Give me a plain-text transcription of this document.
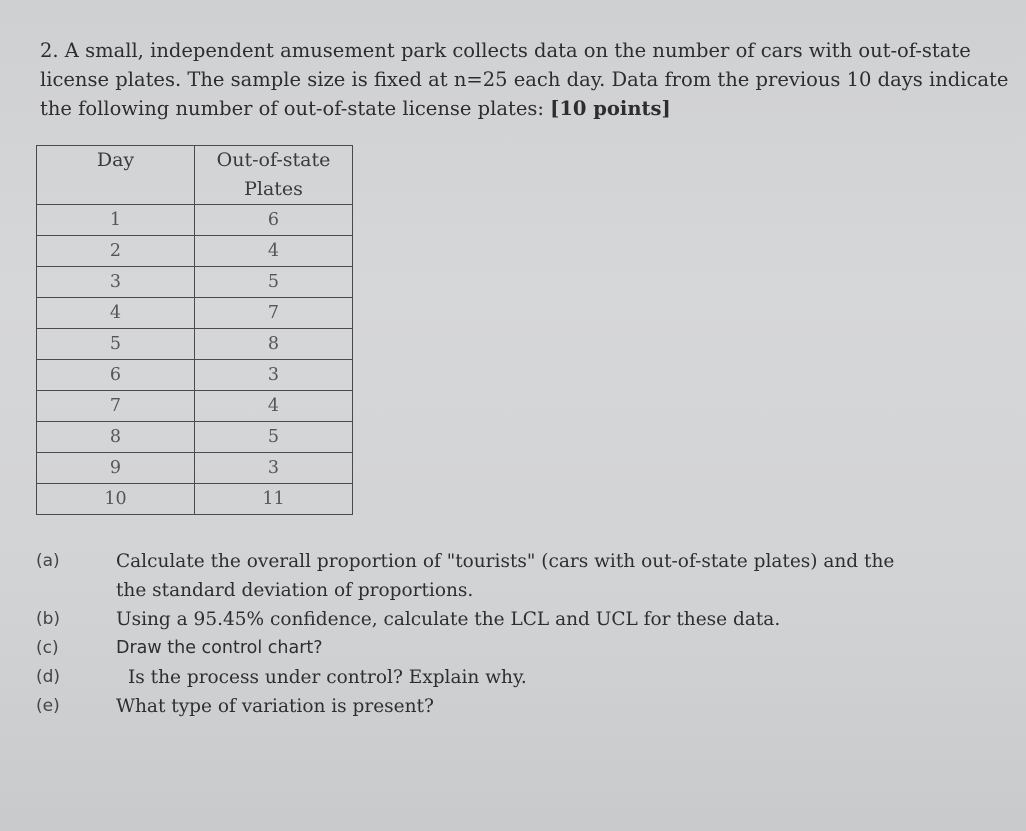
2. A small, independent amusement park collects data on the number of cars with out-of-state
license plates. The sample size is fixed at n=25 each day. Data from the previous 10 days indicate
the following number of out-of-state license plates: [10 points]
Day	Out-of-state
Plates
1	6
2	4
3	5
4	7
5	8
6	3
7	4
8	5
9	3
10	11
(a)	Calculate the overall proportion of "tourists" (cars with out-of-state plates) and the
the standard deviation of proportions.
(b)	Using a 95.45% confidence, calculate the LCL and UCL for these data.
(c)	Draw the control chart?
(d)	Is the process under control? Explain why.
(e)	What type of variation is present?
